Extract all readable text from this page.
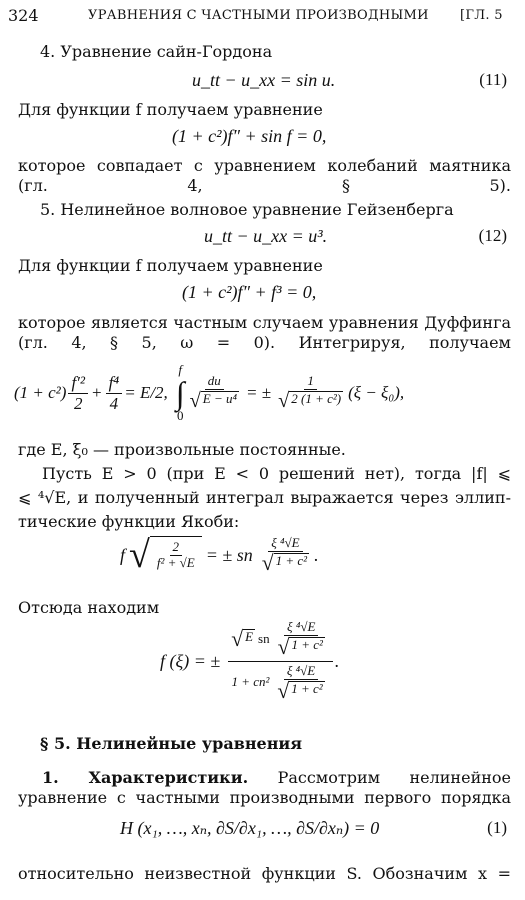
324	УРАВНЕНИЯ С ЧАСТНЫМИ ПРОИЗВОДНЫМИ [ГЛ. 5
4. Уравнение сайн-Гордона
u_tt − u_xx = sin u.	(11)
Для функции f получаем уравнение
(1 + c²)f″ + sin f = 0,
которое совпадает с уравнением колебаний маятника (гл. 4, § 5).
5. Нелинейное волновое уравнение Гейзенберга
u_tt − u_xx = u³.	(12)
Для функции f получаем уравнение
(1 + c²)f″ + f³ = 0,
которое является частным случаем уравнения Дуффинга (гл. 4, § 5, ω = 0). Интегрируя, получаем
$(1 + c^2) \frac{\text{f′²}}{2} + \frac{\text{f⁴}}{4} = E/2$,
f
∫
0
$\frac{du}{\text{√ E − u⁴}}$ = ± $\frac{1}{\text{√ 2 (1 + c²)}} (\xi - \xi_0)$,
где E, ξ₀ — произвольные постоянные.
Пусть E > 0 (при E < 0 решений нет), тогда |f| ⩽
⩽ ⁴√E, и полученный интеграл выражается через эллип-
тические функции Якоби:
f √ $\frac{2}{\text{f² + √E}}$ = ± sn $\frac{\text{ξ ⁴√E}}{\text{√ 1 + c²}}$ .
Отсюда находим
f (ξ) = ± $\frac{√ E sn \frac{\text{ξ ⁴√E}}{\text{√ 1 + c²}}}{1 + cn^2 \frac{\text{ξ ⁴√E}}{\text{√ 1 + c²}}}$ .
§ 5. Нелинейные уравнения
1. Характеристики. Рассмотрим нелинейное уравнение с частными производными первого порядка
H (x₁, …, xₙ, ∂S/∂x₁, …, ∂S/∂xₙ) = 0	(1)
относительно неизвестной функции S. Обозначим x =
